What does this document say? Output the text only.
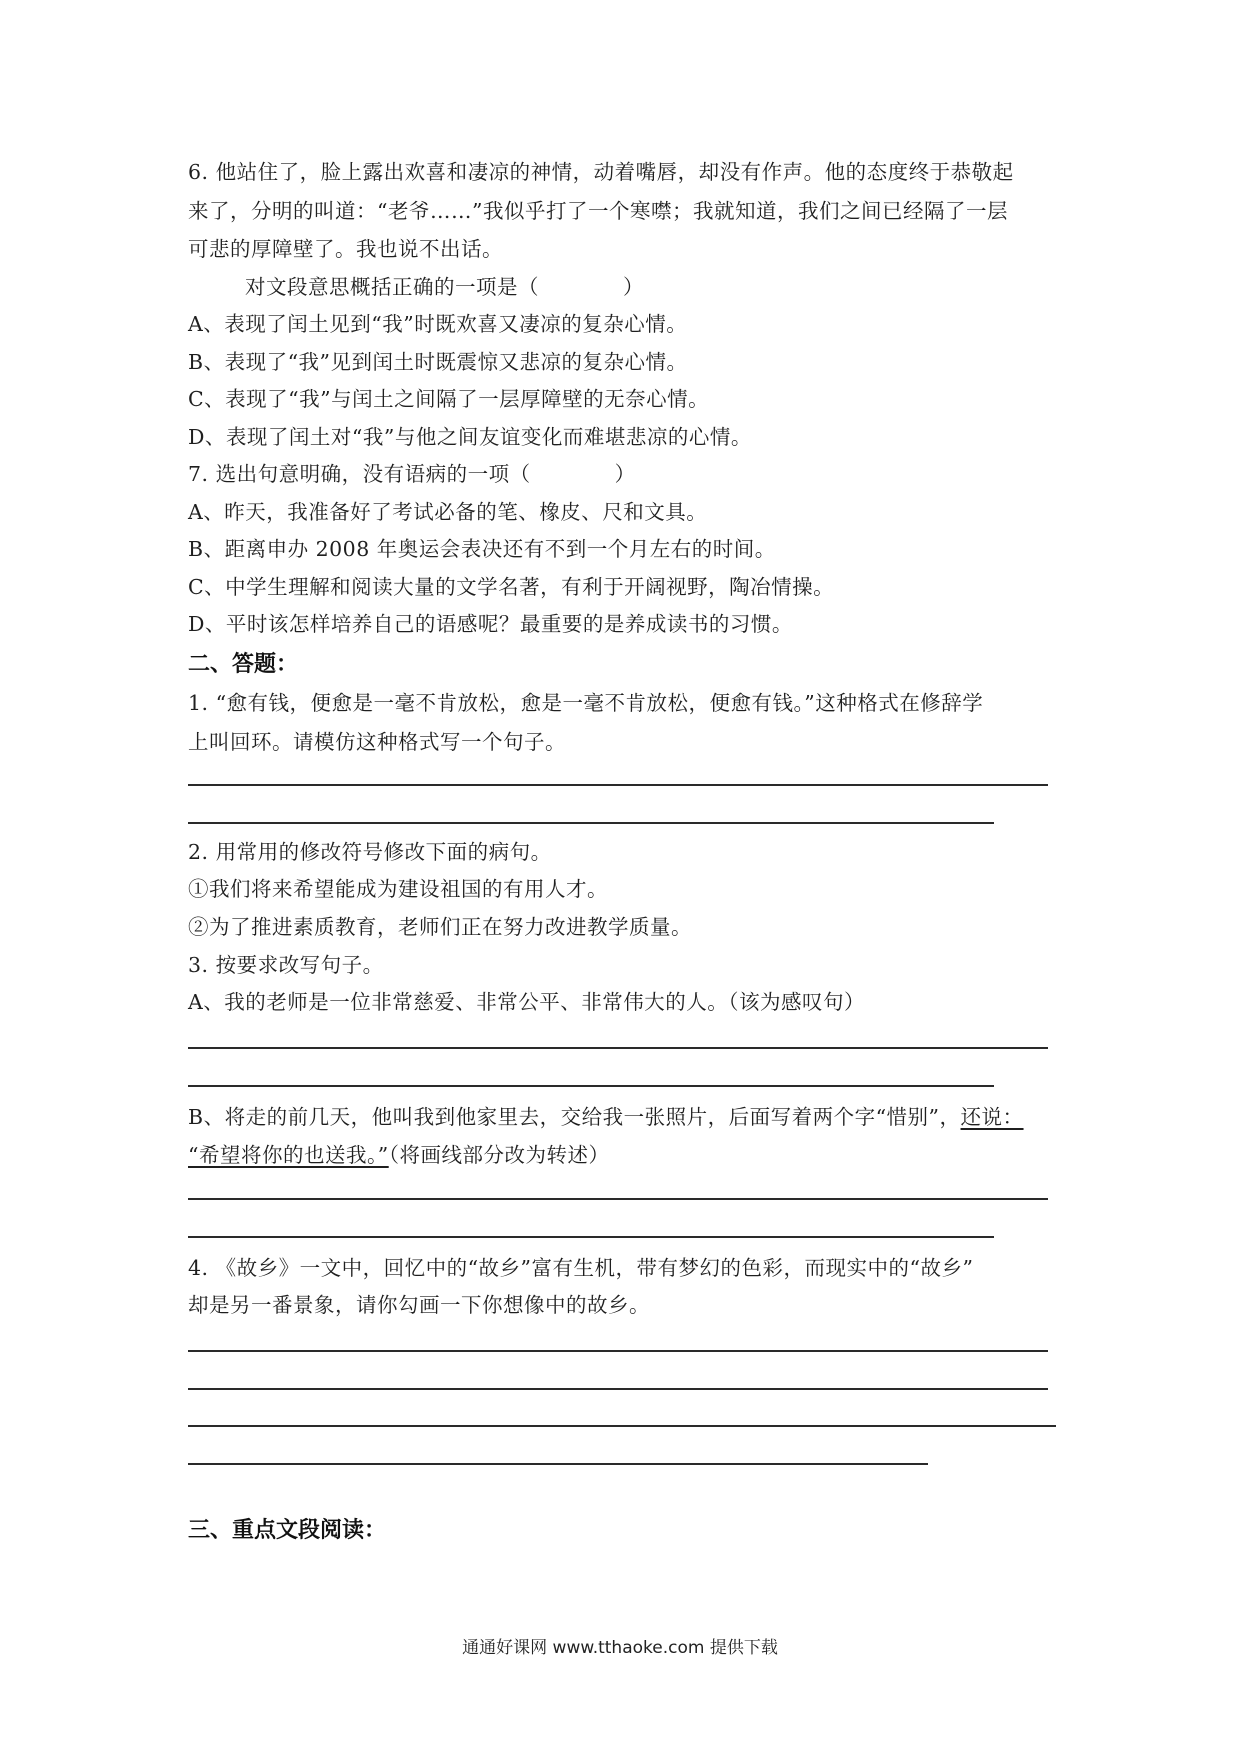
6. 他站住了，脸上露出欢喜和凄凉的神情，动着嘴唇，却没有作声。他的态度终于恭敬起
来了，分明的叫道：“老爷……”我似乎打了一个寒噤；我就知道，我们之间已经隔了一层
可悲的厚障壁了。我也说不出话。
对文段意思概括正确的一项是（　　　　）
A、表现了闰土见到“我”时既欢喜又凄凉的复杂心情。
B、表现了“我”见到闰土时既震惊又悲凉的复杂心情。
C、表现了“我”与闰土之间隔了一层厚障壁的无奈心情。
D、表现了闰土对“我”与他之间友谊变化而难堪悲凉的心情。
7. 选出句意明确，没有语病的一项（　　　　）
A、昨天，我准备好了考试必备的笔、橡皮、尺和文具。
B、距离申办 2008 年奥运会表决还有不到一个月左右的时间。
C、中学生理解和阅读大量的文学名著，有利于开阔视野，陶冶情操。
D、平时该怎样培养自己的语感呢？最重要的是养成读书的习惯。
二、答题：
1. “愈有钱，便愈是一毫不肯放松，愈是一毫不肯放松，便愈有钱。”这种格式在修辞学
上叫回环。请模仿这种格式写一个句子。
2. 用常用的修改符号修改下面的病句。
①我们将来希望能成为建设祖国的有用人才。
②为了推进素质教育，老师们正在努力改进教学质量。
3. 按要求改写句子。
A、我的老师是一位非常慈爱、非常公平、非常伟大的人。（该为感叹句）
B、将走的前几天，他叫我到他家里去，交给我一张照片，后面写着两个字“惜别”，还说：
“希望将你的也送我。”（将画线部分改为转述）
4. 《故乡》一文中，回忆中的“故乡”富有生机，带有梦幻的色彩，而现实中的“故乡”
却是另一番景象，请你勾画一下你想像中的故乡。
三、重点文段阅读：
通通好课网 www.tthaoke.com 提供下载
